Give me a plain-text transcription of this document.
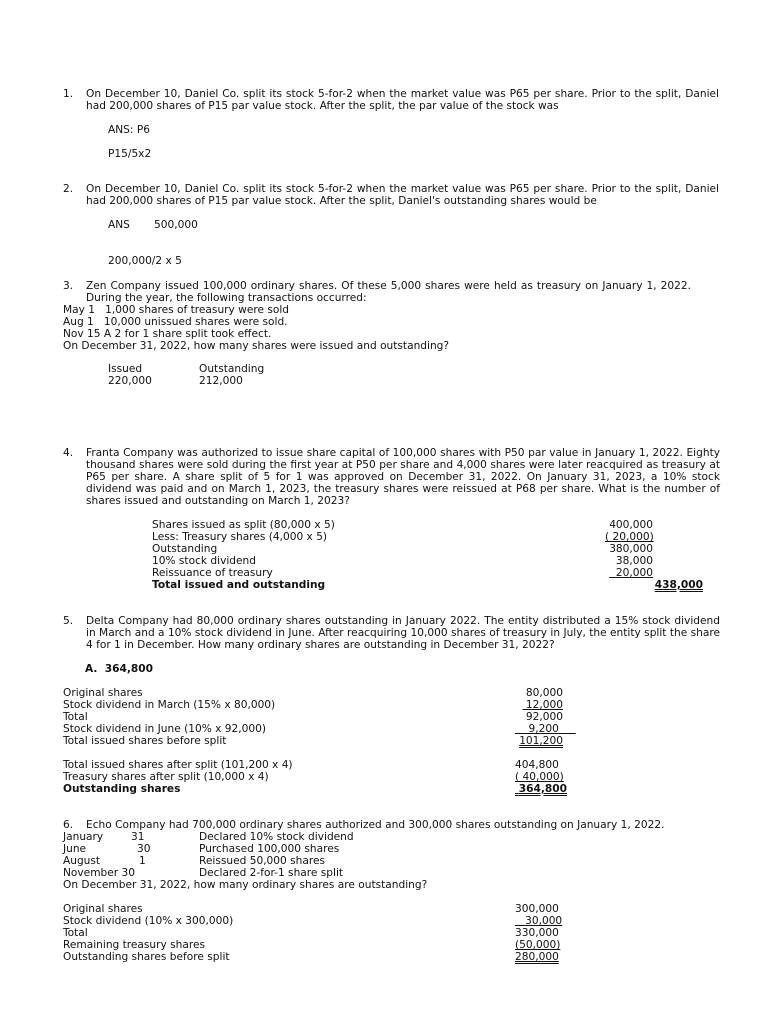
1. On December 10, Daniel Co. split its stock 5-for-2 when the market value was P65 per share. Prior to the split, Daniel had 200,000 shares of P15 par value stock. After the split, the par value of the stock was
ANS: P6
P15/5x2
2. On December 10, Daniel Co. split its stock 5-for-2 when the market value was P65 per share. Prior to the split, Daniel had 200,000 shares of P15 par value stock. After the split, Daniel's outstanding shares would be
ANS 500,000
200,000/2 x 5
3. Zen Company issued 100,000 ordinary shares. Of these 5,000 shares were held as treasury on January 1, 2022. During the year, the following transactions occurred:
May 1   1,000 shares of treasury were sold
Aug 1   10,000 unissued shares were sold.
Nov 15 A 2 for 1 share split took effect.
On December 31, 2022, how many shares were issued and outstanding?
Issued	Outstanding
220,000	212,000
4. Franta Company was authorized to issue share capital of 100,000 shares with P50 par value in January 1, 2022. Eighty thousand shares were sold during the first year at P50 per share and 4,000 shares were later reacquired as treasury at P65 per share. A share split of 5 for 1 was approved on December 31, 2022. On January 31, 2023, a 10% stock dividend was paid and on March 1, 2023, the treasury shares were reissued at P68 per share. What is the number of shares issued and outstanding on March 1, 2023?
Shares issued as split (80,000 x 5)	400,000
Less: Treasury shares (4,000 x 5)	( 20,000)
Outstanding	380,000
10% stock dividend	38,000
Reissuance of treasury	20,000
Total issued and outstanding	438,000
5. Delta Company had 80,000 ordinary shares outstanding in January 2022. The entity distributed a 15% stock dividend in March and a 10% stock dividend in June. After reacquiring 10,000 shares of treasury in July, the entity split the share 4 for 1 in December. How many ordinary shares are outstanding in December 31, 2022?
A.  364,800
Original shares	80,000
Stock dividend in March (15% x 80,000)	12,000
Total	92,000
Stock dividend in June (10% x 92,000)	9,200
Total issued shares before split	101,200
Total issued shares after split (101,200 x 4)	404,800
Treasury shares after split (10,000 x 4)	( 40,000)
Outstanding shares	364,800
6. Echo Company had 700,000 ordinary shares authorized and 300,000 shares outstanding on January 1, 2022.
January	31	Declared 10% stock dividend
June	30	Purchased 100,000 shares
August	1	Reissued 50,000 shares
November 30	Declared 2-for-1 share split
On December 31, 2022, how many ordinary shares are outstanding?
Original shares	300,000
Stock dividend (10% x 300,000)	30,000
Total	330,000
Remaining treasury shares	(50,000)
Outstanding shares before split	280,000
